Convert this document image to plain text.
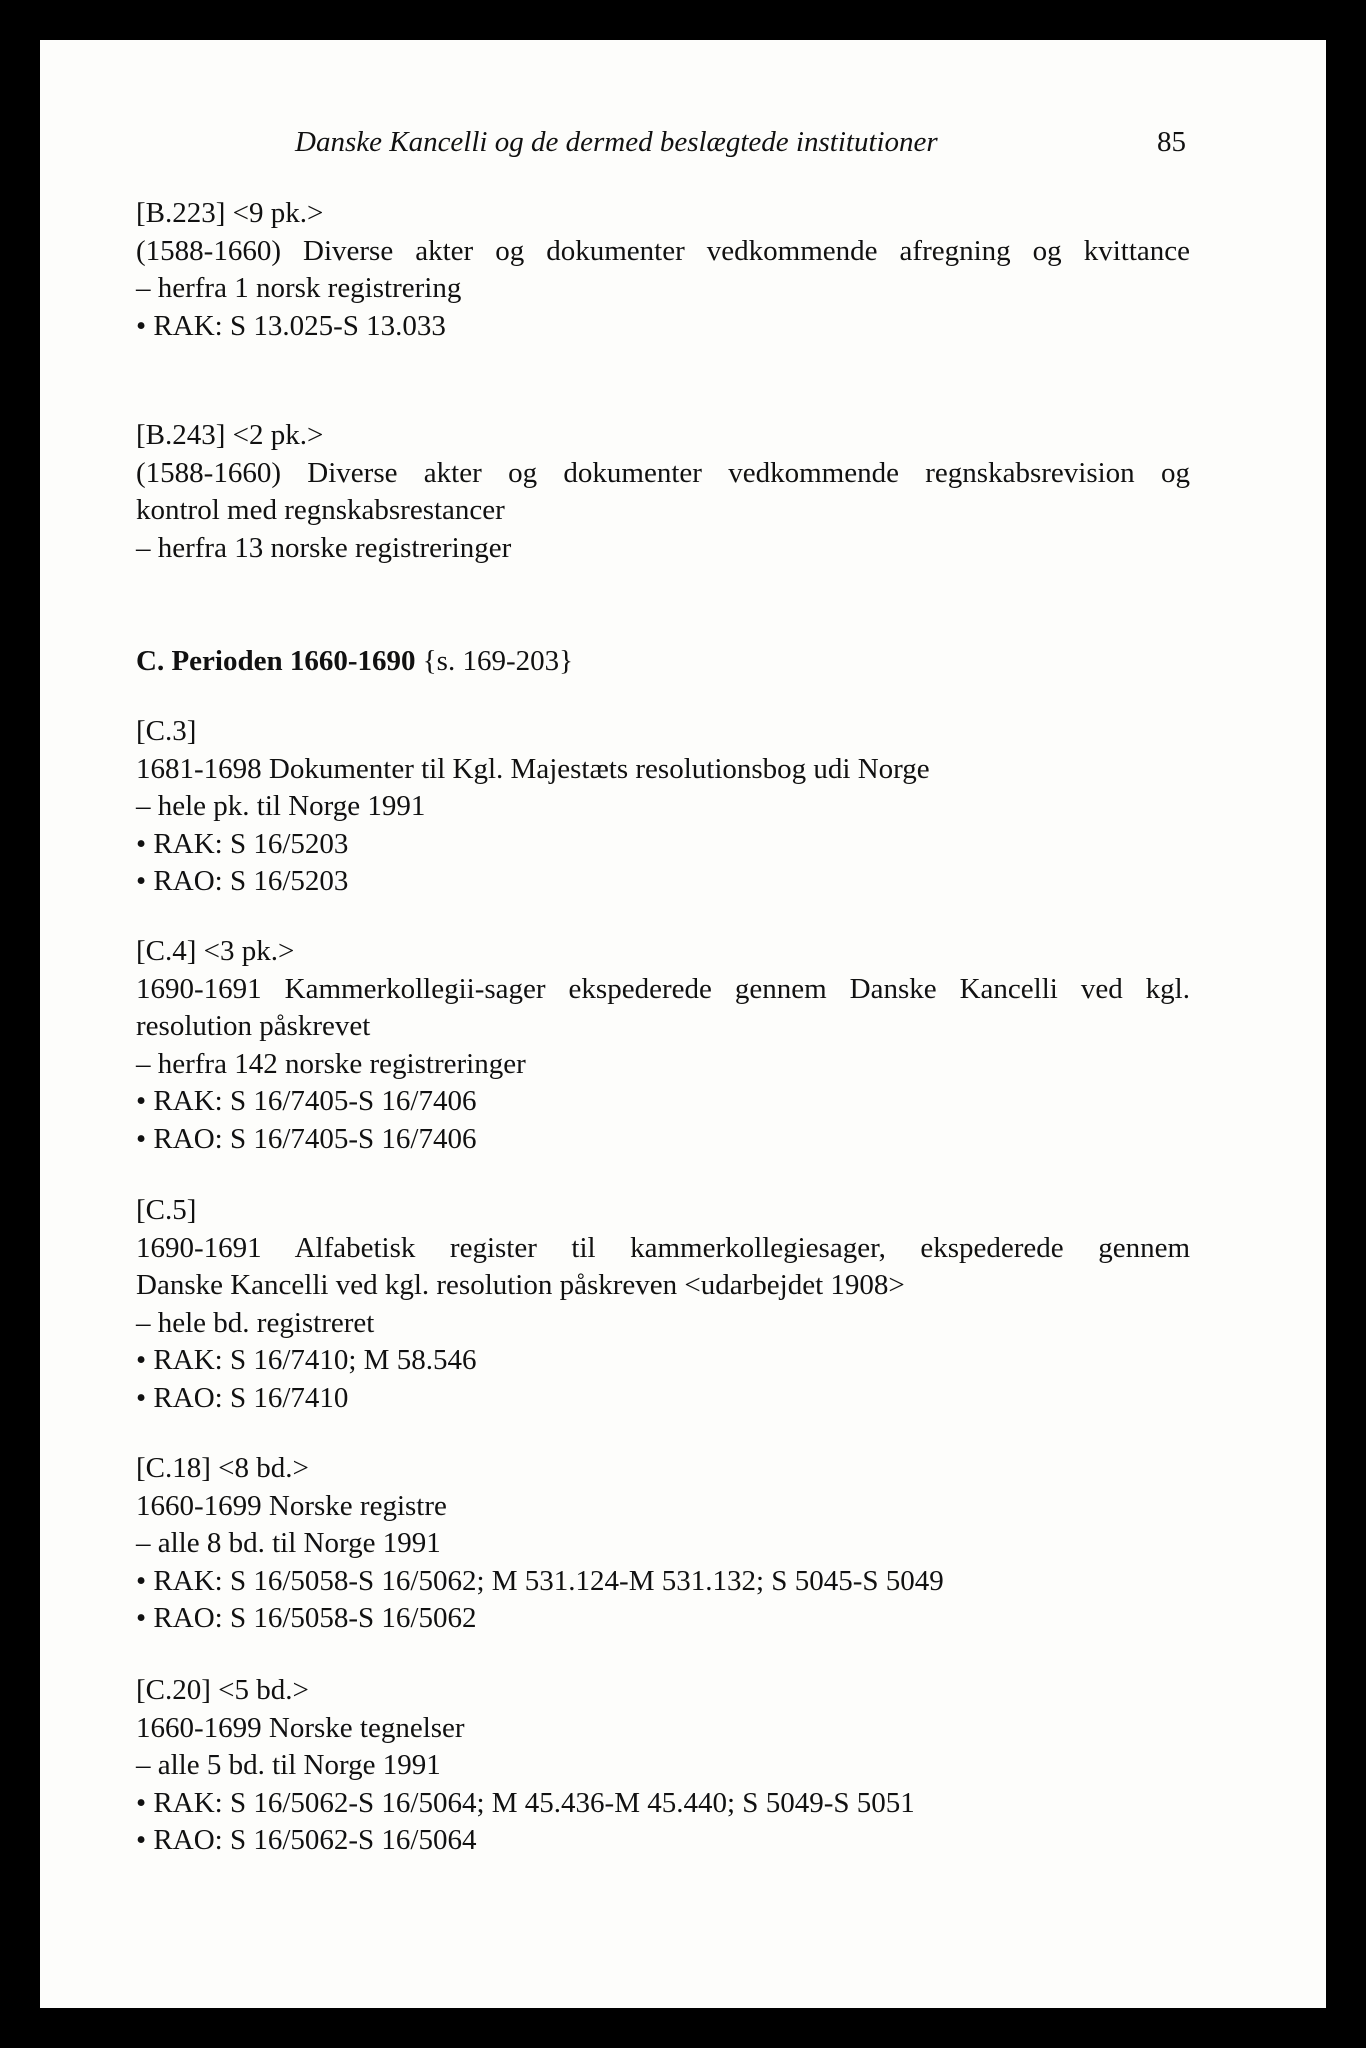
Danske Kancelli og de dermed beslægtede institutioner	85
[B.223] <9 pk.>
(1588-1660) Diverse akter og dokumenter vedkommende afregning og kvittance
– herfra 1 norsk registrering
• RAK: S 13.025-S 13.033
[B.243] <2 pk.>
(1588-1660) Diverse akter og dokumenter vedkommende regnskabsrevision og
kontrol med regnskabsrestancer
– herfra 13 norske registreringer
C. Perioden 1660-1690 {s. 169-203}
[C.3]
1681-1698 Dokumenter til Kgl. Majestæts resolutionsbog udi Norge
– hele pk. til Norge 1991
• RAK: S 16/5203
• RAO: S 16/5203
[C.4] <3 pk.>
1690-1691 Kammerkollegii-sager ekspederede gennem Danske Kancelli ved kgl.
resolution påskrevet
– herfra 142 norske registreringer
• RAK: S 16/7405-S 16/7406
• RAO: S 16/7405-S 16/7406
[C.5]
1690-1691 Alfabetisk register til kammerkollegiesager, ekspederede gennem
Danske Kancelli ved kgl. resolution påskreven <udarbejdet 1908>
– hele bd. registreret
• RAK: S 16/7410; M 58.546
• RAO: S 16/7410
[C.18] <8 bd.>
1660-1699 Norske registre
– alle 8 bd. til Norge 1991
• RAK: S 16/5058-S 16/5062; M 531.124-M 531.132; S 5045-S 5049
• RAO: S 16/5058-S 16/5062
[C.20] <5 bd.>
1660-1699 Norske tegnelser
– alle 5 bd. til Norge 1991
• RAK: S 16/5062-S 16/5064; M 45.436-M 45.440; S 5049-S 5051
• RAO: S 16/5062-S 16/5064
